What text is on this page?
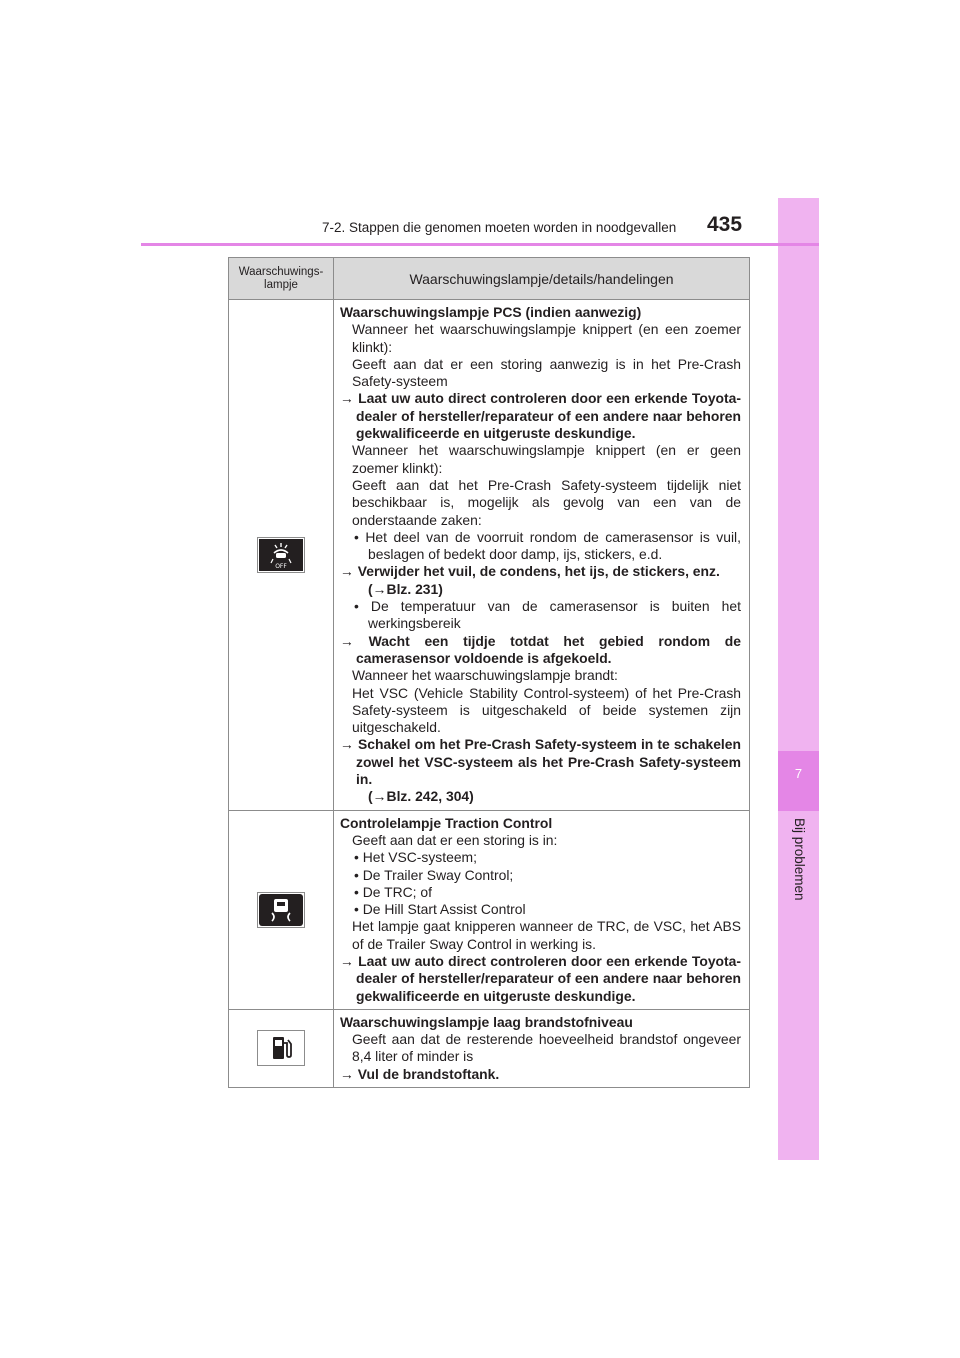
7
Bij problemen
7-2. Stappen die genomen moeten worden in noodgevallen 435
Waarschuwings-
lampje	Waarschuwingslampje/details/handelingen
OFF

Waarschuwingslampje PCS (indien aanwezig)

Wanneer het waarschuwingslampje knippert (en een zoemer klinkt):

Geeft aan dat er een storing aanwezig is in het Pre-Crash Safety-systeem

→ Laat uw auto direct controleren door een erkende Toyota-dealer of hersteller/reparateur of een andere naar behoren gekwalificeerde en uitgeruste deskundige.

Wanneer het waarschuwingslampje knippert (en er geen zoemer klinkt):

Geeft aan dat het Pre-Crash Safety-systeem tijdelijk niet beschikbaar is, mogelijk als gevolg van een van de onderstaande zaken:

• Het deel van de voorruit rondom de camerasensor is vuil, beslagen of bedekt door damp, ijs, stickers, e.d.

→ Verwijder het vuil, de condens, het ijs, de stickers, enz.

(→Blz. 231)

• De temperatuur van de camerasensor is buiten het werkingsbereik

→ Wacht een tijdje totdat het gebied rondom de camerasensor voldoende is afgekoeld.

Wanneer het waarschuwingslampje brandt:

Het VSC (Vehicle Stability Control-systeem) of het Pre-Crash Safety-systeem is uitgeschakeld of beide systemen zijn uitgeschakeld.

→ Schakel om het Pre-Crash Safety-systeem in te schakelen zowel het VSC-systeem als het Pre-Crash Safety-systeem in.

(→Blz. 242, 304)

Controlelampje Traction Control

Geeft aan dat er een storing is in:

• Het VSC-systeem;

• De Trailer Sway Control;

• De TRC; of

• De Hill Start Assist Control

Het lampje gaat knipperen wanneer de TRC, de VSC, het ABS of de Trailer Sway Control in werking is.

→ Laat uw auto direct controleren door een erkende Toyota-dealer of hersteller/reparateur of een andere naar behoren gekwalificeerde en uitgeruste deskundige.

Waarschuwingslampje laag brandstofniveau

Geeft aan dat de resterende hoeveelheid brandstof ongeveer 8,4 liter of minder is

→ Vul de brandstoftank.
